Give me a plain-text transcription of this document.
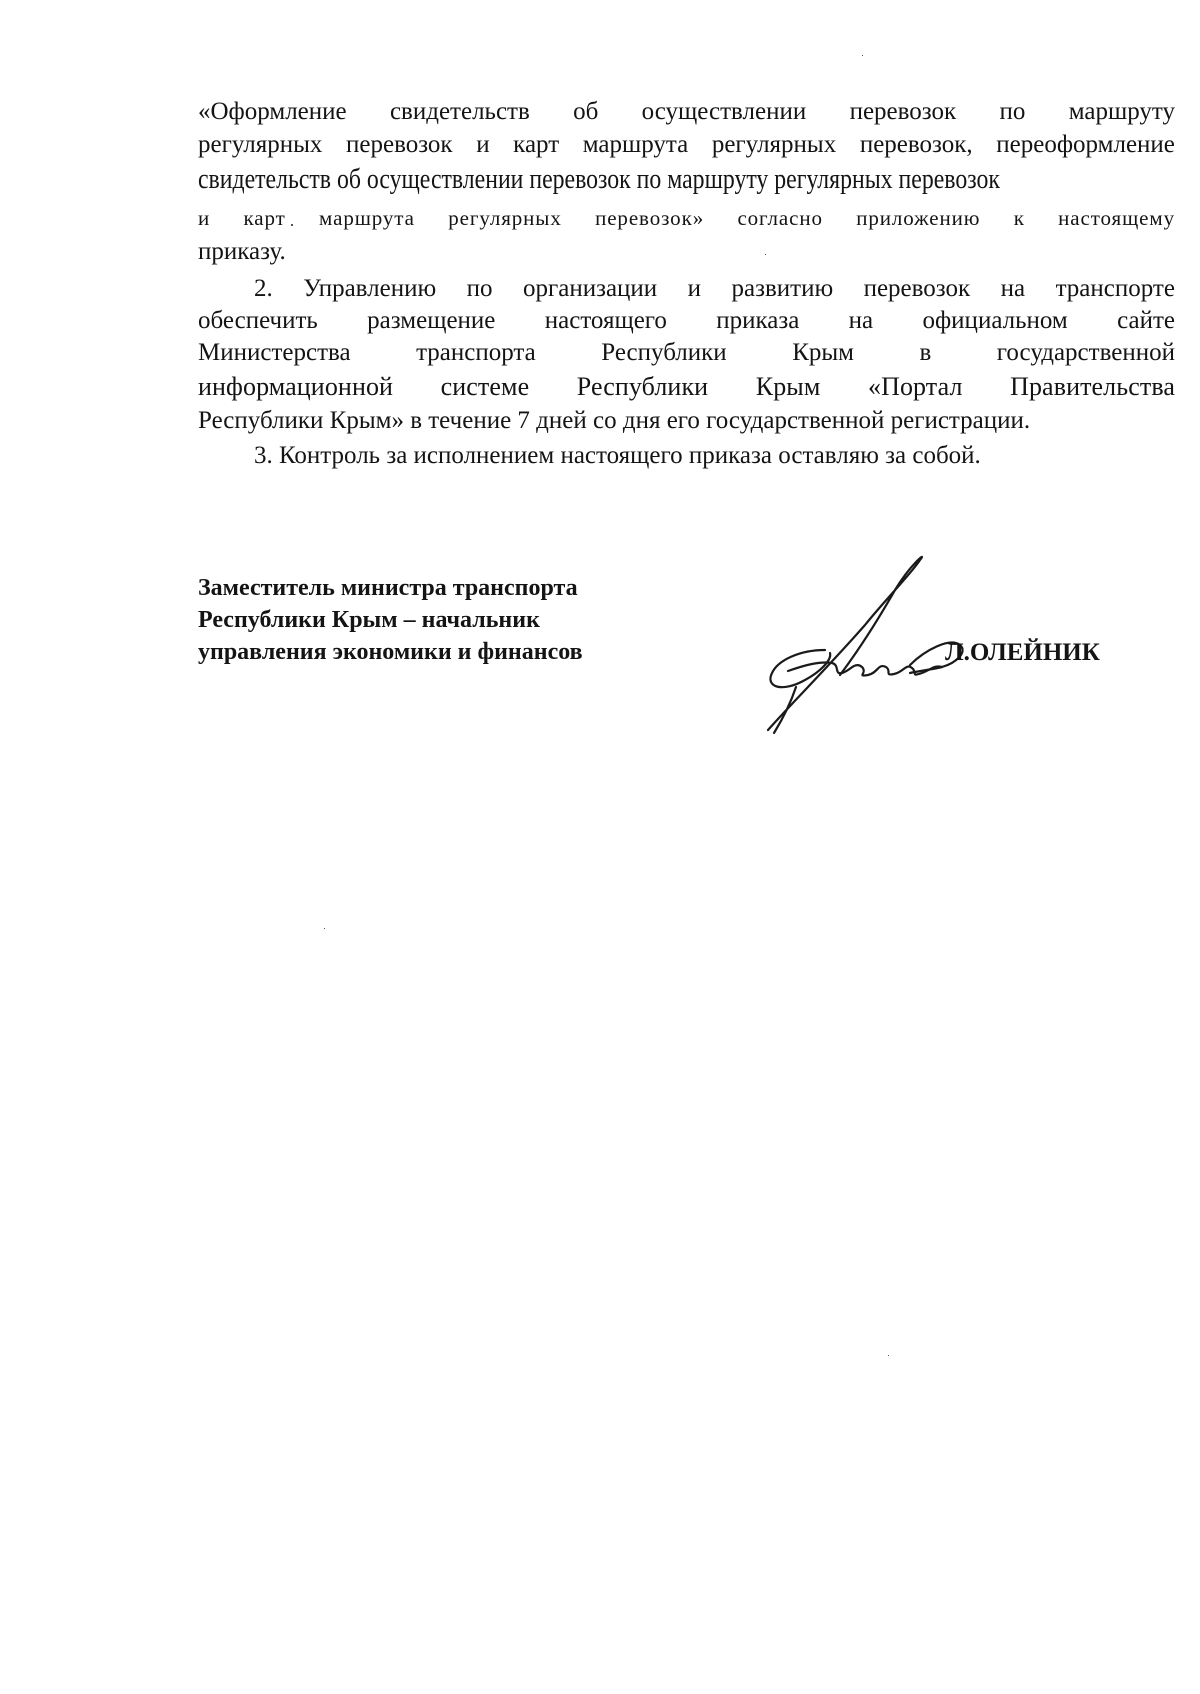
«Оформление свидетельств об осуществлении перевозок по маршруту
регулярных перевозок и карт маршрута регулярных перевозок, переоформление
свидетельств об осуществлении перевозок по маршруту регулярных перевозок
и карт маршрута регулярных перевозок» согласно приложению к настоящему
приказу.
2. Управлению по организации и развитию перевозок на транспорте
обеспечить размещение настоящего приказа на официальном сайте
Министерства	транспорта	Республики	Крым	в	государственной
информационной системе Республики Крым «Портал Правительства
Республики Крым» в течение 7 дней со дня его государственной регистрации.
3. Контроль за исполнением настоящего приказа оставляю за собой.
Заместитель министра транспорта
Республики Крым – начальник
управления экономики и финансов	Л.ОЛЕЙНИК
